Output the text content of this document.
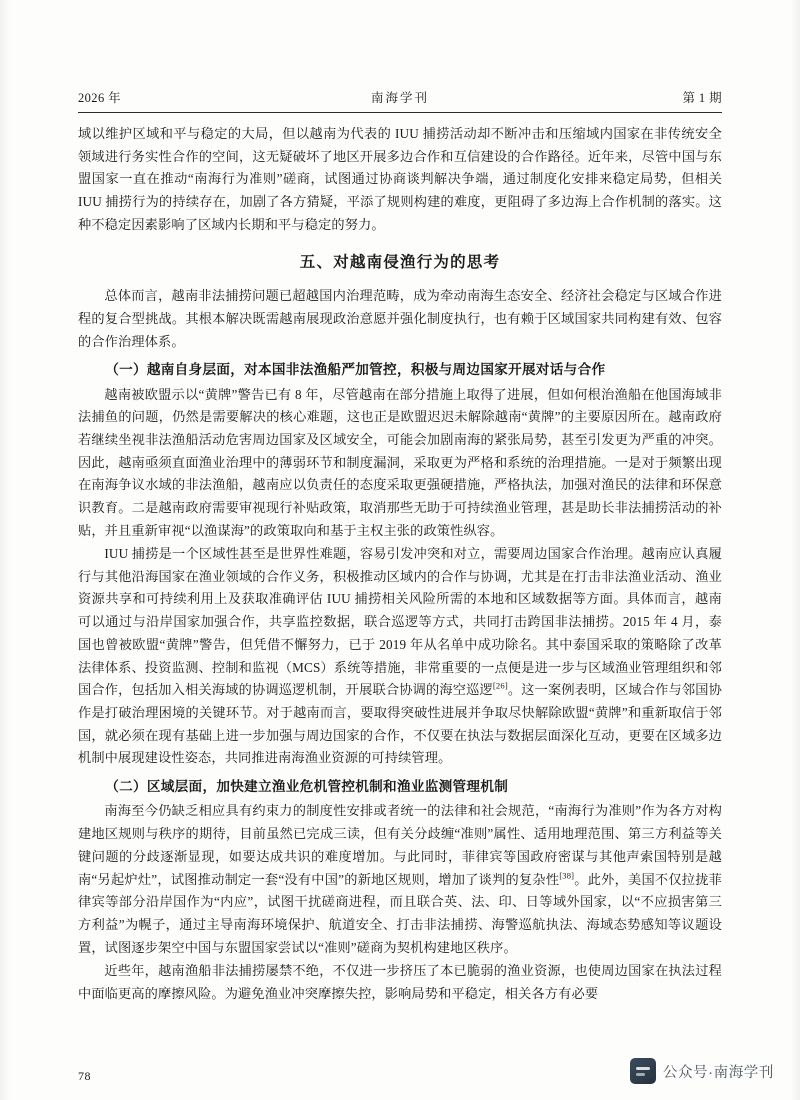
2026 年	南海学刊	第 1 期

域以维护区域和平与稳定的大局，但以越南为代表的 IUU 捕捞活动却不断冲击和压缩域内国家在非传统安全领域进行务实性合作的空间，这无疑破坏了地区开展多边合作和互信建设的合作路径。近年来，尽管中国与东盟国家一直在推动“南海行为准则”磋商，试图通过协商谈判解决争端，通过制度化安排来稳定局势，但相关 IUU 捕捞行为的持续存在，加剧了各方猜疑，平添了规则构建的难度，更阻碍了多边海上合作机制的落实。这种不稳定因素影响了区域内长期和平与稳定的努力。

五、对越南侵渔行为的思考

总体而言，越南非法捕捞问题已超越国内治理范畴，成为牵动南海生态安全、经济社会稳定与区域合作进程的复合型挑战。其根本解决既需越南展现政治意愿并强化制度执行，也有赖于区域国家共同构建有效、包容的合作治理体系。

（一）越南自身层面，对本国非法渔船严加管控，积极与周边国家开展对话与合作

越南被欧盟示以“黄牌”警告已有 8 年，尽管越南在部分措施上取得了进展，但如何根治渔船在他国海域非法捕鱼的问题，仍然是需要解决的核心难题，这也正是欧盟迟迟未解除越南“黄牌”的主要原因所在。越南政府若继续坐视非法渔船活动危害周边国家及区域安全，可能会加剧南海的紧张局势，甚至引发更为严重的冲突。因此，越南亟须直面渔业治理中的薄弱环节和制度漏洞，采取更为严格和系统的治理措施。一是对于频繁出现在南海争议水域的非法渔船，越南应以负责任的态度采取更强硬措施，严格执法，加强对渔民的法律和环保意识教育。二是越南政府需要审视现行补贴政策，取消那些无助于可持续渔业管理，甚是助长非法捕捞活动的补贴，并且重新审视“以渔谋海”的政策取向和基于主权主张的政策性纵容。

IUU 捕捞是一个区域性甚至是世界性难题，容易引发冲突和对立，需要周边国家合作治理。越南应认真履行与其他沿海国家在渔业领域的合作义务，积极推动区域内的合作与协调，尤其是在打击非法渔业活动、渔业资源共享和可持续利用上及获取准确评估 IUU 捕捞相关风险所需的本地和区域数据等方面。具体而言，越南可以通过与沿岸国家加强合作，共享监控数据，联合巡逻等方式，共同打击跨国非法捕捞。2015 年 4 月，泰国也曾被欧盟“黄牌”警告，但凭借不懈努力，已于 2019 年从名单中成功除名。其中泰国采取的策略除了改革法律体系、投资监测、控制和监视（MCS）系统等措施，非常重要的一点便是进一步与区域渔业管理组织和邻国合作，包括加入相关海域的协调巡逻机制，开展联合协调的海空巡逻[26]。这一案例表明，区域合作与邻国协作是打破治理困境的关键环节。对于越南而言，要取得突破性进展并争取尽快解除欧盟“黄牌”和重新取信于邻国，就必须在现有基础上进一步加强与周边国家的合作，不仅要在执法与数据层面深化互动，更要在区域多边机制中展现建设性姿态，共同推进南海渔业资源的可持续管理。

（二）区域层面，加快建立渔业危机管控机制和渔业监测管理机制

南海至今仍缺乏相应具有约束力的制度性安排或者统一的法律和社会规范，“南海行为准则”作为各方对构建地区规则与秩序的期待，目前虽然已完成三读，但有关分歧缠“准则”属性、适用地理范围、第三方利益等关键问题的分歧逐渐显现，如要达成共识的难度增加。与此同时，菲律宾等国政府密谋与其他声索国特别是越南“另起炉灶”，试图推动制定一套“没有中国”的新地区规则，增加了谈判的复杂性[38]。此外，美国不仅拉拢菲律宾等部分沿岸国作为“内应”，试图干扰磋商进程，而且联合英、法、印、日等域外国家，以“不应损害第三方利益”为幌子，通过主导南海环境保护、航道安全、打击非法捕捞、海警巡航执法、海域态势感知等议题设置，试图逐步架空中国与东盟国家尝试以“准则”磋商为契机构建地区秩序。

近些年，越南渔船非法捕捞屡禁不绝，不仅进一步挤压了本已脆弱的渔业资源，也使周边国家在执法过程中面临更高的摩擦风险。为避免渔业冲突摩擦失控，影响局势和平稳定，相关各方有必要

78	公众号·南海学刊
